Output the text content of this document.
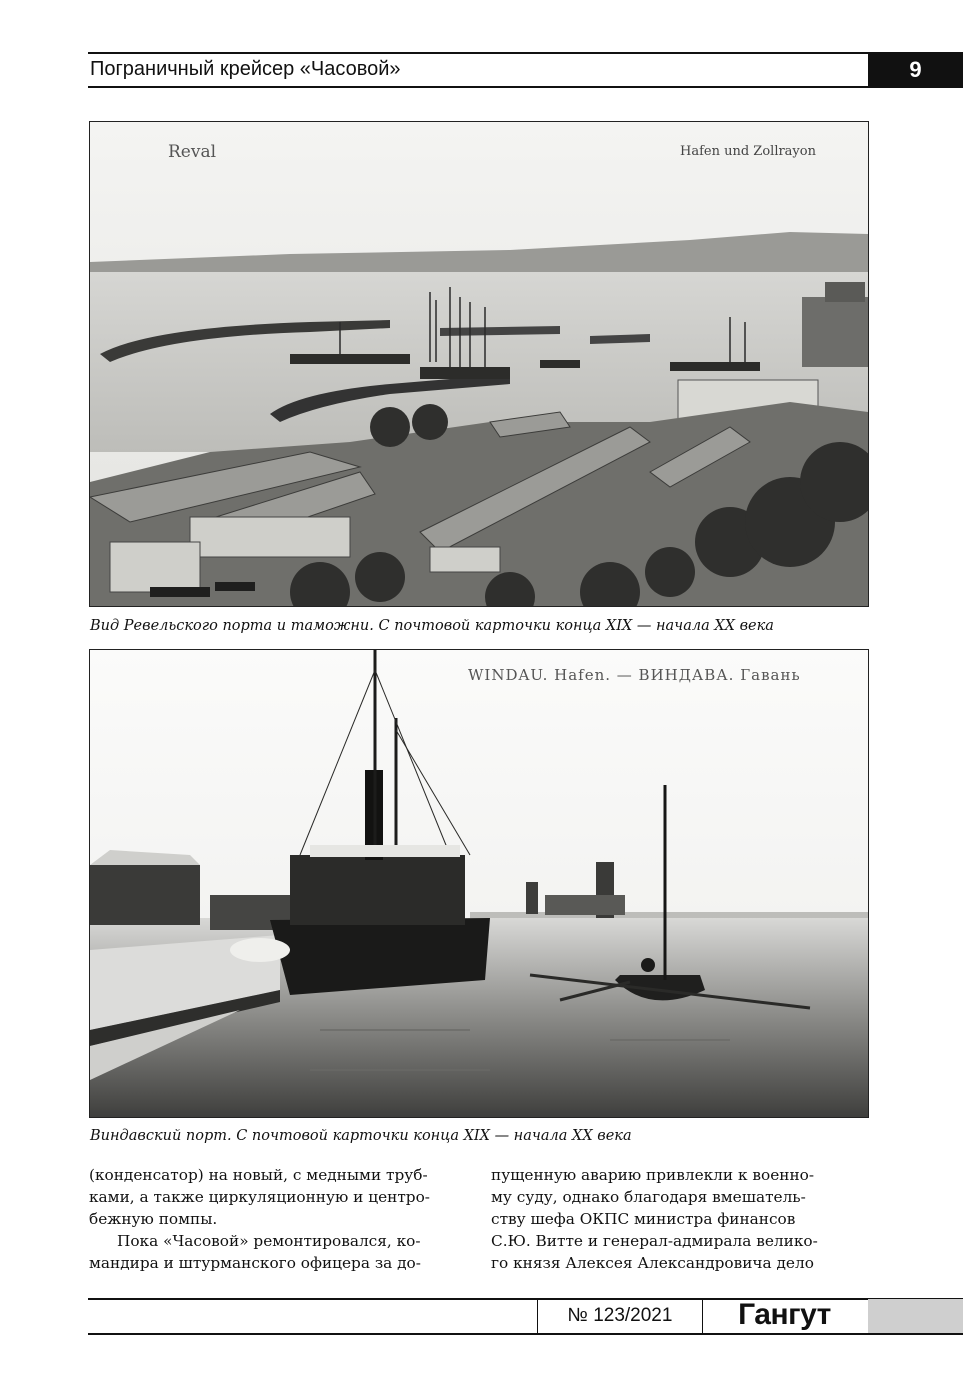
Пограничный крейсер «Часовой»	9
Reval	Hafen und Zollrayon
Вид Ревельского порта и таможни. С почтовой карточки конца XIX — начала XX века
WINDAU. Hafen. — ВИНДАВА. Гавань
Виндавский порт. С почтовой карточки конца XIX — начала XX века

(конденсатор) на новый, с медными труб-

ками, а также циркуляционную и центро-

бежную помпы.

Пока «Часовой» ремонтировался, ко-

мандира и штурманского офицера за до-

пущенную аварию привлекли к военно-

му суду, однако благодаря вмешатель-

ству шефа ОКПС министра финансов

С.Ю. Витте и генерал-адмирала велико-

го князя Алексея Александровича дело

№ 123/2021	Гангут
